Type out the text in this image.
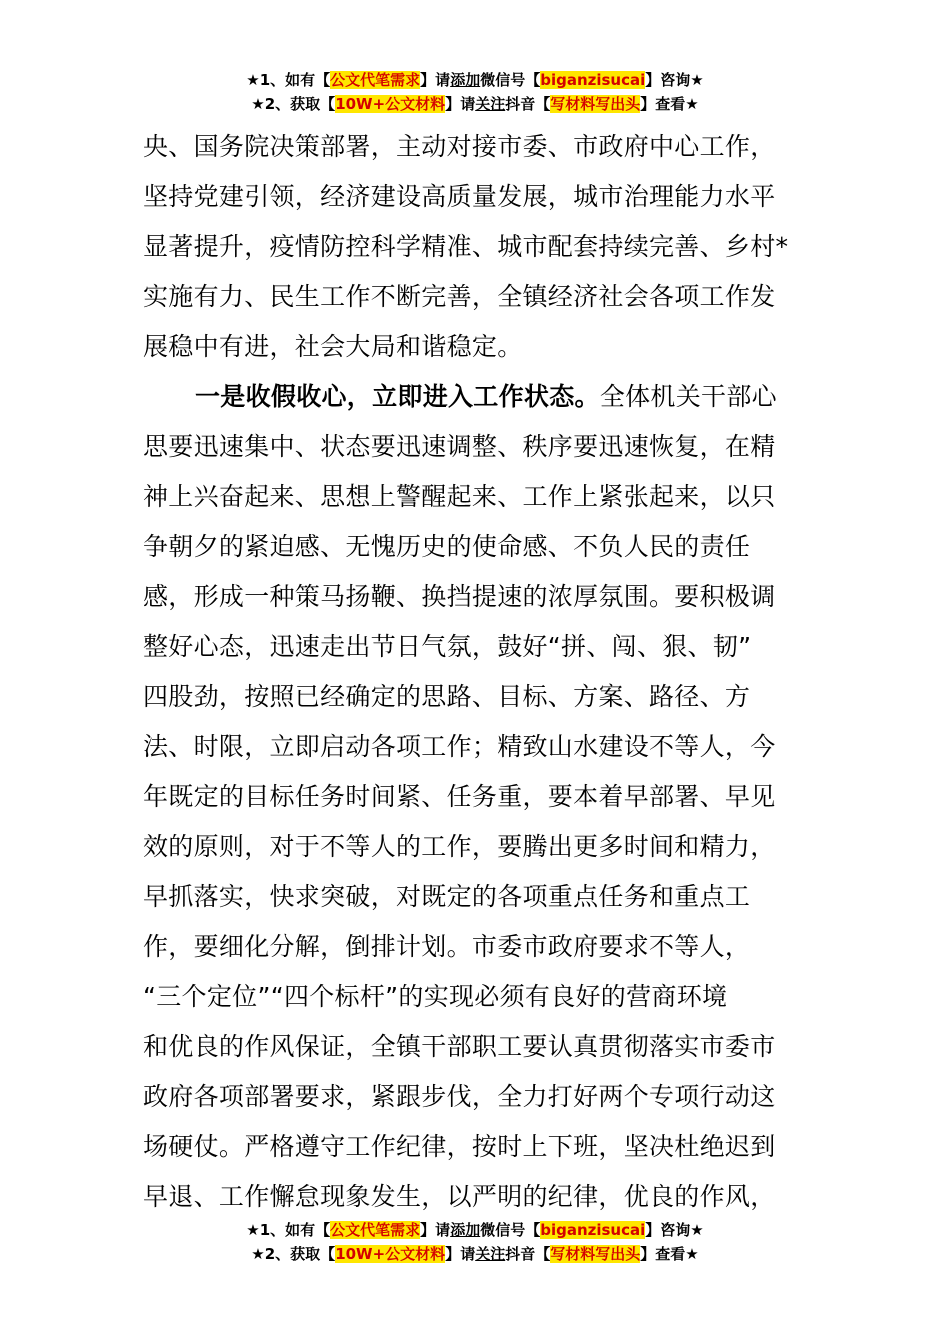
★1、如有【公文代笔需求】请添加微信号【biganzisucai】咨询★
★2、获取【10W+公文材料】请关注抖音【写材料写出头】查看★
央、国务院决策部署，主动对接市委、市政府中心工作，
坚持党建引领，经济建设高质量发展，城市治理能力水平
显著提升，疫情防控科学精准、城市配套持续完善、乡村*
实施有力、民生工作不断完善，全镇经济社会各项工作发
展稳中有进，社会大局和谐稳定。
一是收假收心，立即进入工作状态。全体机关干部心
思要迅速集中、状态要迅速调整、秩序要迅速恢复，在精
神上兴奋起来、思想上警醒起来、工作上紧张起来，以只
争朝夕的紧迫感、无愧历史的使命感、不负人民的责任
感，形成一种策马扬鞭、换挡提速的浓厚氛围。要积极调
整好心态，迅速走出节日气氛，鼓好“拼、闯、狠、韧”
四股劲，按照已经确定的思路、目标、方案、路径、方
法、时限，立即启动各项工作；精致山水建设不等人，今
年既定的目标任务时间紧、任务重，要本着早部署、早见
效的原则，对于不等人的工作，要腾出更多时间和精力，
早抓落实，快求突破，对既定的各项重点任务和重点工
作，要细化分解，倒排计划。市委市政府要求不等人，
“三个定位”“四个标杆”的实现必须有良好的营商环境
和优良的作风保证，全镇干部职工要认真贯彻落实市委市
政府各项部署要求，紧跟步伐，全力打好两个专项行动这
场硬仗。严格遵守工作纪律，按时上下班，坚决杜绝迟到
早退、工作懈怠现象发生，以严明的纪律，优良的作风，
★1、如有【公文代笔需求】请添加微信号【biganzisucai】咨询★
★2、获取【10W+公文材料】请关注抖音【写材料写出头】查看★
